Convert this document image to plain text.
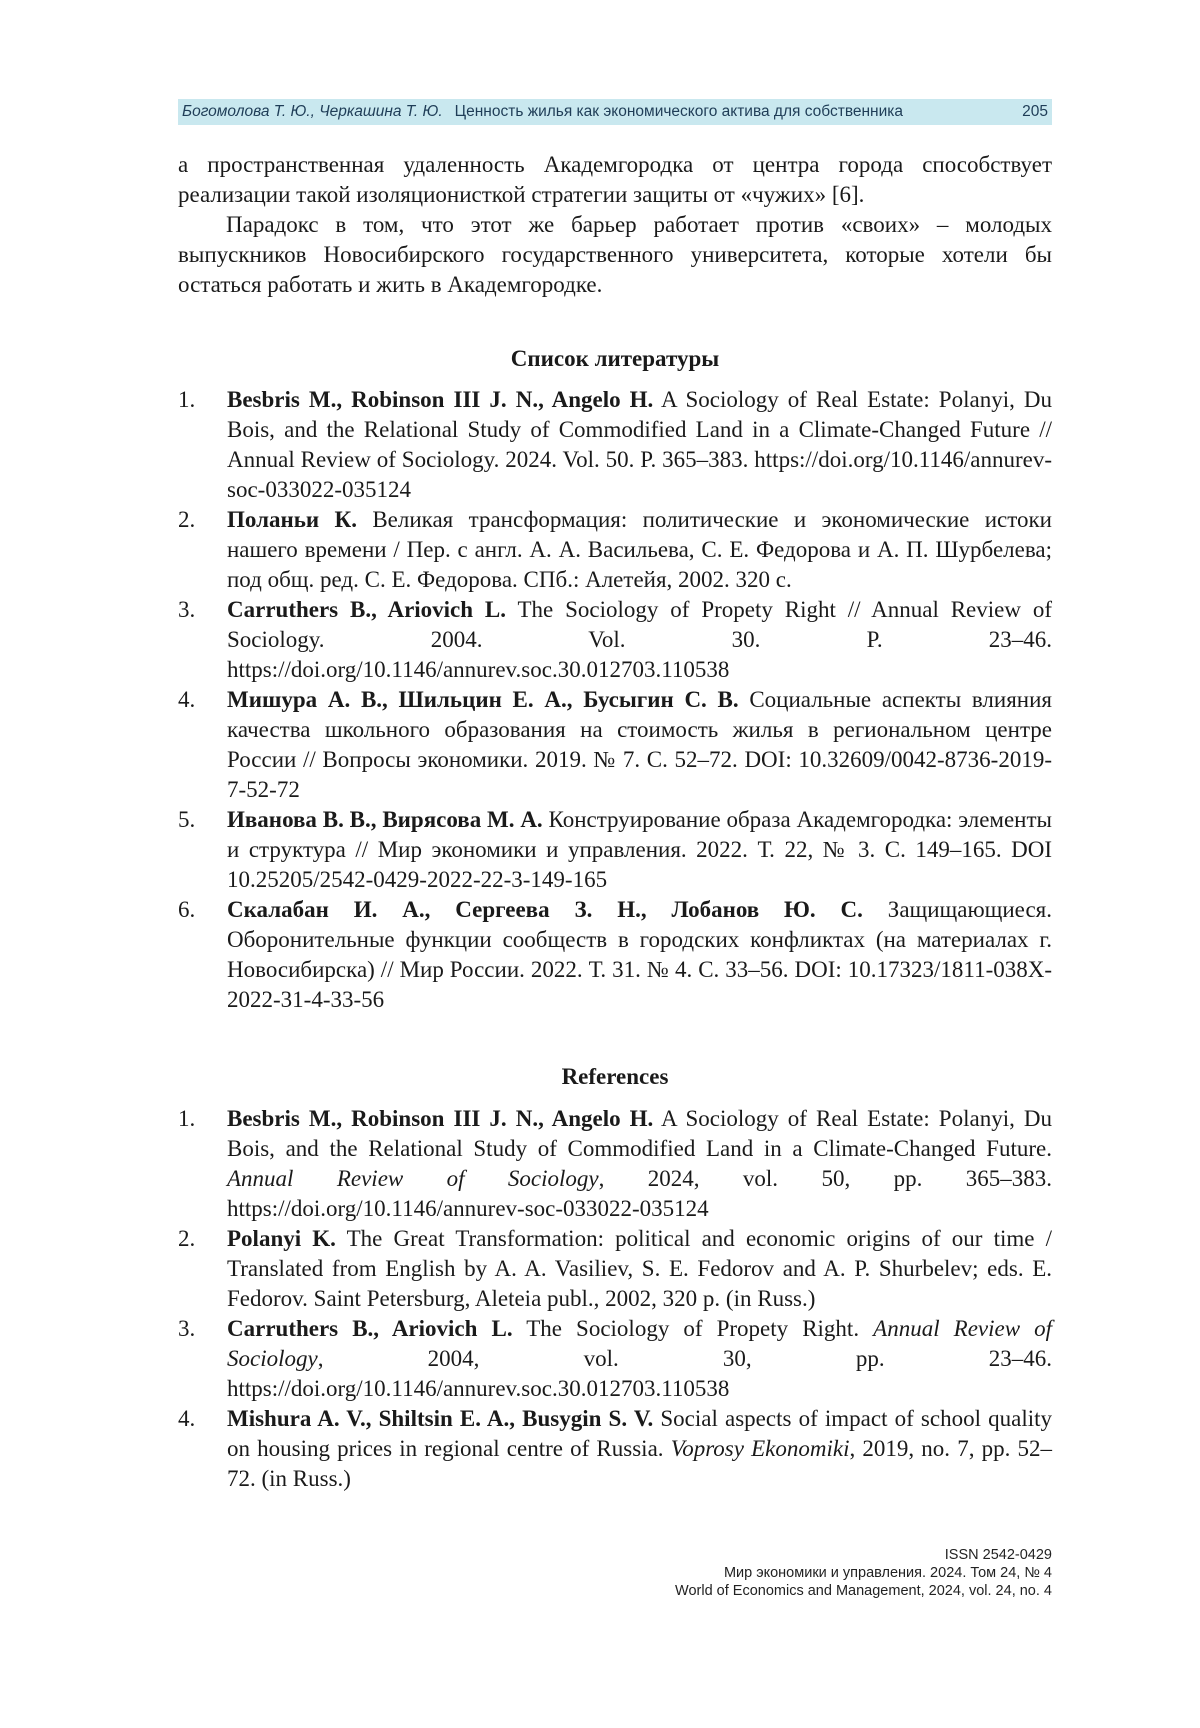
Богомолова Т. Ю., Черкашина Т. Ю. Ценность жилья как экономического актива для собственника	205

а пространственная удаленность Академгородка от центра города способствует реализации такой изоляционисткой стратегии защиты от «чужих» [6].

Парадокс в том, что этот же барьер работает против «своих» – молодых выпускников Новосибирского государственного университета, которые хотели бы остаться работать и жить в Академгородке.

Список литературы
1.	Besbris M., Robinson III J. N., Angelo H. A Sociology of Real Estate: Polanyi, Du Bois, and the Relational Study of Commodified Land in a Climate-Changed Future // Annual Review of Sociology. 2024. Vol. 50. P. 365–383. https://doi.org/10.1146/annurev-soc-033022-035124
2.	Поланьи К. Великая трансформация: политические и экономические истоки нашего времени / Пер. с англ. А. А. Васильева, С. Е. Федорова и А. П. Шурбелева; под общ. ред. С. Е. Федорова. СПб.: Алетейя, 2002. 320 с.
3.	Carruthers B., Ariovich L. The Sociology of Propety Right // Annual Review of Sociology. 2004. Vol. 30. P. 23–46. https://doi.org/10.1146/annurev.soc.30.012703.110538
4.	Мишура А. В., Шильцин Е. А., Бусыгин С. В. Социальные аспекты влияния качества школьного образования на стоимость жилья в региональном центре России // Вопросы экономики. 2019. № 7. С. 52–72. DOI: 10.32609/0042-8736-2019-7-52-72
5.	Иванова В. В., Вирясова М. А. Конструирование образа Академгородка: элементы и структура // Мир экономики и управления. 2022. Т. 22, № 3. С. 149–165. DOI 10.25205/2542-0429-2022-22-3-149-165
6.	Скалабан И. А., Сергеева З. Н., Лобанов Ю. С. Защищающиеся. Оборонительные функции сообществ в городских конфликтах (на материалах г. Новосибирска) // Мир России. 2022. Т. 31. № 4. С. 33–56. DOI: 10.17323/1811-038X-2022-31-4-33-56
References
1.	Besbris M., Robinson III J. N., Angelo H. A Sociology of Real Estate: Polanyi, Du Bois, and the Relational Study of Commodified Land in a Climate-Changed Future. Annual Review of Sociology, 2024, vol. 50, pp. 365–383. https://doi.org/10.1146/annurev-soc-033022-035124
2.	Polanyi K. The Great Transformation: political and economic origins of our time / Translated from English by A. A. Vasiliev, S. E. Fedorov and A. P. Shurbelev; eds. E. Fedorov. Saint Petersburg, Aleteia publ., 2002, 320 p. (in Russ.)
3.	Carruthers B., Ariovich L. The Sociology of Propety Right. Annual Review of Sociology, 2004, vol. 30, pp. 23–46. https://doi.org/10.1146/annurev.soc.30.012703.110538
4.	Mishura A. V., Shiltsin E. A., Busygin S. V. Social aspects of impact of school quality on housing prices in regional centre of Russia. Voprosy Ekonomiki, 2019, no. 7, pp. 52–72. (in Russ.)
ISSN 2542-0429
Мир экономики и управления. 2024. Том 24, № 4
World of Economics and Management, 2024, vol. 24, no. 4
